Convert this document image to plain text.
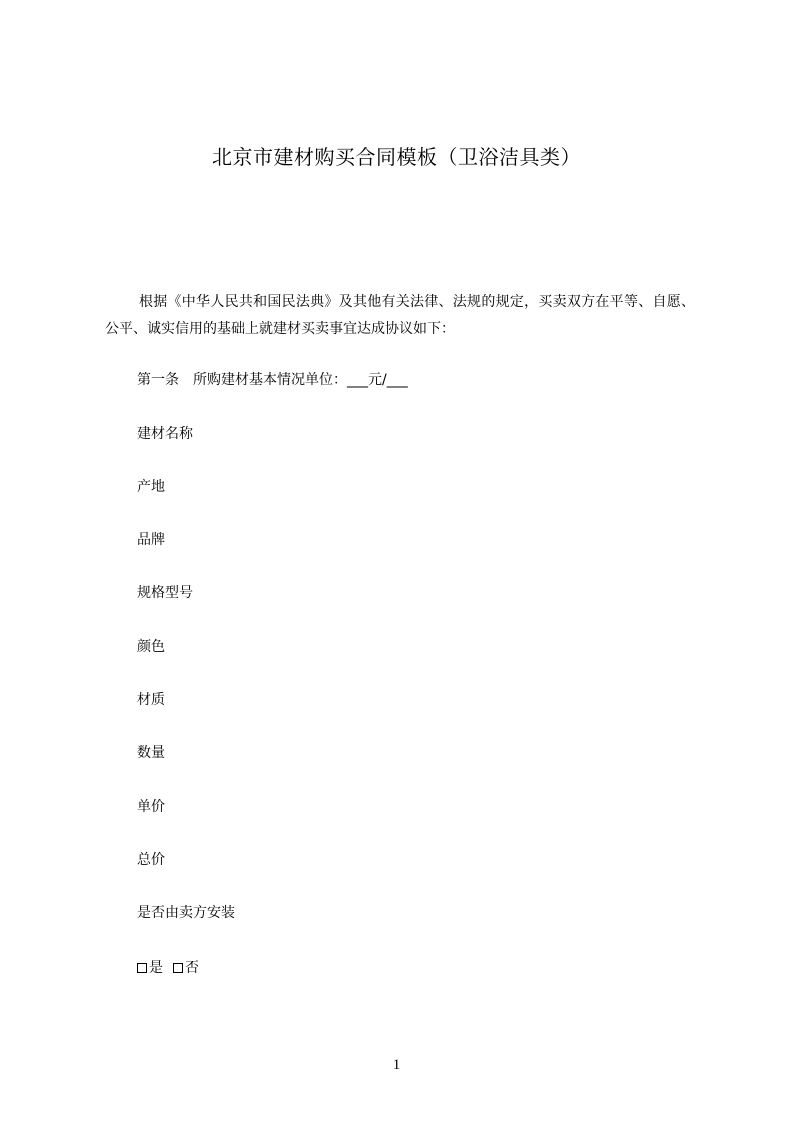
北京市建材购买合同模板（卫浴洁具类）
根据《中华人民共和国民法典》及其他有关法律、法规的规定，买卖双方在平等、自愿、公平、诚实信用的基础上就建材买卖事宜达成协议如下：
第一条 所购建材基本情况单位：___元/___
建材名称
产地
品牌
规格型号
颜色
材质
数量
单价
总价
是否由卖方安装
是 否
1
